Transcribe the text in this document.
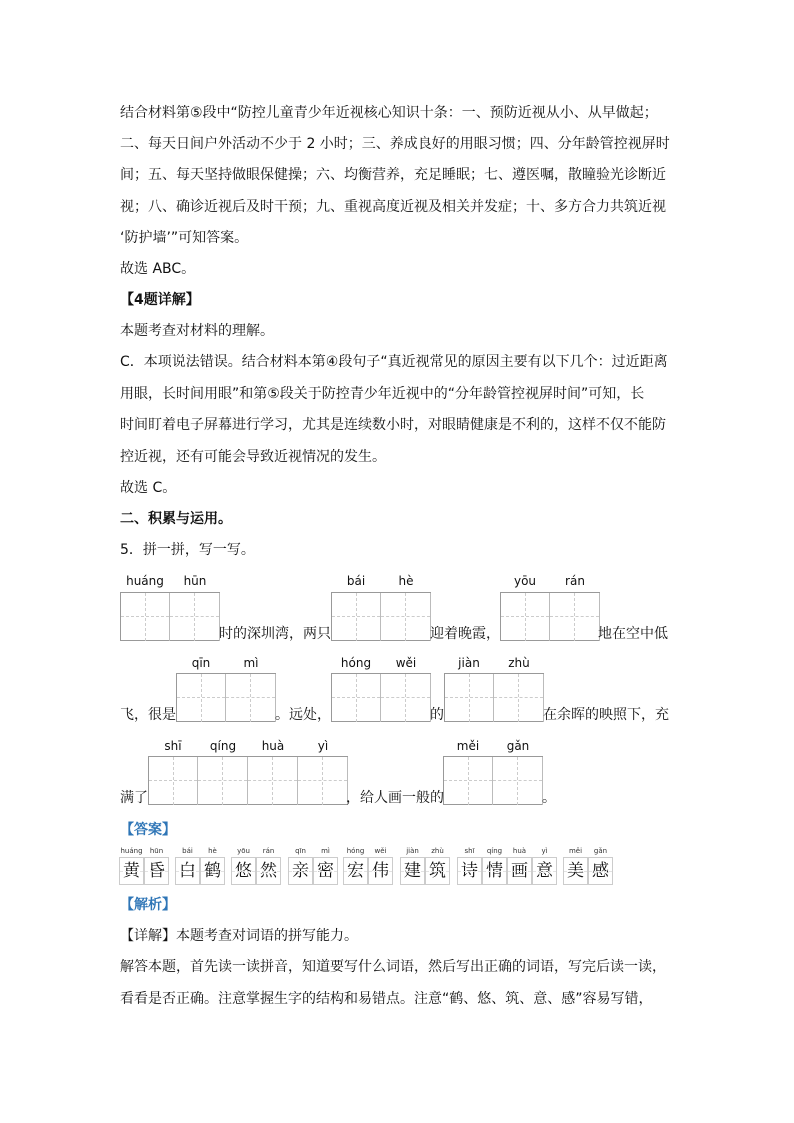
结合材料第⑤段中“防控儿童青少年近视核心知识十条：一、预防近视从小、从早做起；
二、每天日间户外活动不少于 2 小时；三、养成良好的用眼习惯；四、分年龄管控视屏时
间；五、每天坚持做眼保健操；六、均衡营养，充足睡眠；七、遵医嘱，散瞳验光诊断近
视；八、确诊近视后及时干预；九、重视高度近视及相关并发症；十、多方合力共筑近视
‘防护墙’”可知答案。
故选 ABC。
【4题详解】
本题考查对材料的理解。
C．本项说法错误。结合材料本第④段句子“真近视常见的原因主要有以下几个：过近距离
用眼，长时间用眼”和第⑤段关于防控青少年近视中的“分年龄管控视屏时间”可知，长
时间盯着电子屏幕进行学习，尤其是连续数小时，对眼睛健康是不利的，这样不仅不能防
控近视，还有可能会导致近视情况的发生。
故选 C。
二、积累与运用。
5．拼一拼，写一写。
huáng	hūn	bái	hè	yōu	rán
时的深圳湾，两只	迎着晚霞，	地在空中低
qīn	mì	hóng	wěi	jiàn	zhù
飞，很是	。远处，	的	在余晖的映照下，充
shī	qíng	huà	yì	měi	gǎn
满了	，给人画一般的	。
【答案】
huáng
黄
hūn
昏
bái
白
hè
鹤
yōu
悠
rán
然
qīn
亲
mì
密
hóng
宏
wěi
伟
jiàn
建
zhù
筑
shī
诗
qíng
情
huà
画
yì
意
měi
美
gǎn
感
【解析】
【详解】本题考查对词语的拼写能力。
解答本题，首先读一读拼音，知道要写什么词语，然后写出正确的词语，写完后读一读，
看看是否正确。注意掌握生字的结构和易错点。注意“鹤、悠、筑、意、感”容易写错，
